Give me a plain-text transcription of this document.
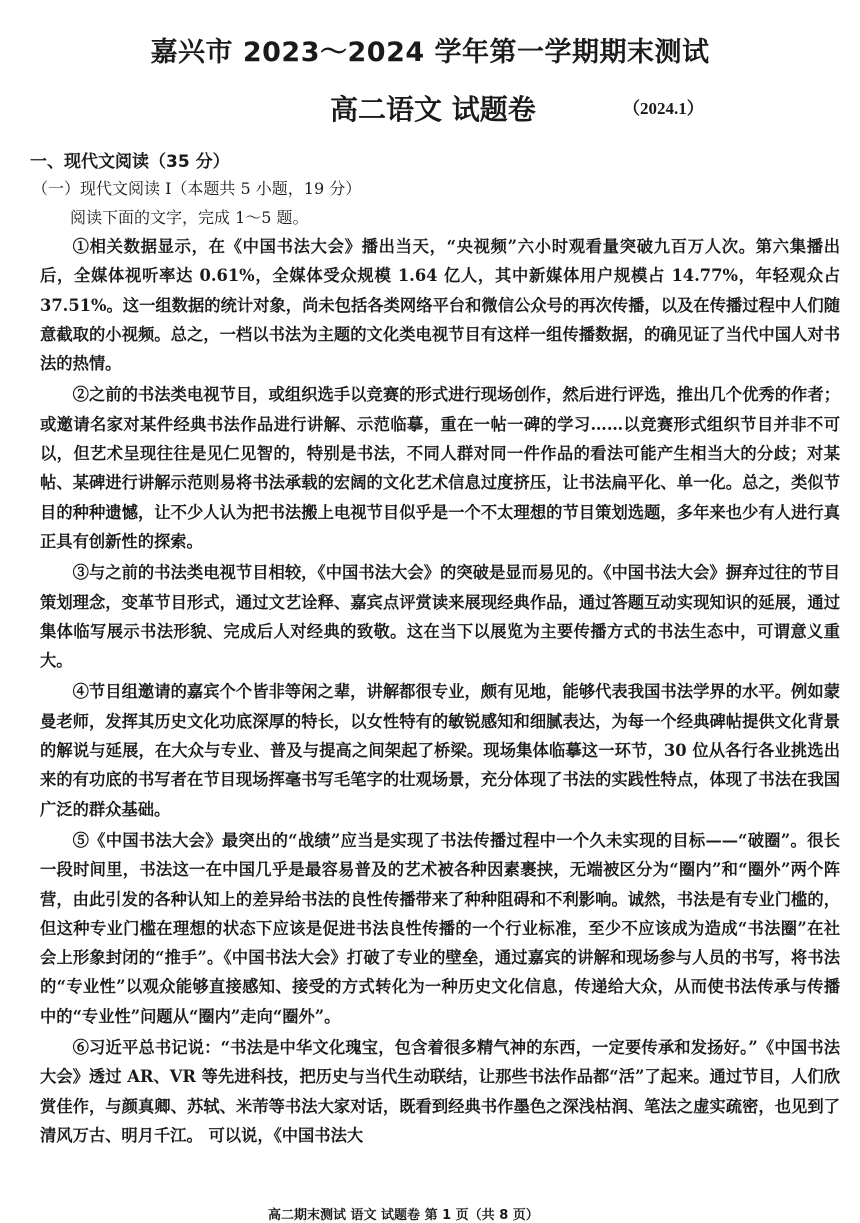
嘉兴市 2023～2024 学年第一学期期末测试
高二语文 试题卷	（2024.1）
一、现代文阅读（35 分）
（一）现代文阅读 I（本题共 5 小题，19 分）
阅读下面的文字，完成 1～5 题。

①相关数据显示，在《中国书法大会》播出当天，“央视频”六小时观看量突破九百万人次。第六集播出后，全媒体视听率达 0.61%，全媒体受众规模 1.64 亿人，其中新媒体用户规模占 14.77%，年轻观众占 37.51%。这一组数据的统计对象，尚未包括各类网络平台和微信公众号的再次传播，以及在传播过程中人们随意截取的小视频。总之，一档以书法为主题的文化类电视节目有这样一组传播数据，的确见证了当代中国人对书法的热情。

②之前的书法类电视节目，或组织选手以竞赛的形式进行现场创作，然后进行评选，推出几个优秀的作者；或邀请名家对某件经典书法作品进行讲解、示范临摹，重在一帖一碑的学习……以竞赛形式组织节目并非不可以，但艺术呈现往往是见仁见智的，特别是书法，不同人群对同一件作品的看法可能产生相当大的分歧；对某帖、某碑进行讲解示范则易将书法承载的宏阔的文化艺术信息过度挤压，让书法扁平化、单一化。总之，类似节目的种种遗憾，让不少人认为把书法搬上电视节目似乎是一个不太理想的节目策划选题，多年来也少有人进行真正具有创新性的探索。

③与之前的书法类电视节目相较，《中国书法大会》的突破是显而易见的。《中国书法大会》摒弃过往的节目策划理念，变革节目形式，通过文艺诠释、嘉宾点评赏读来展现经典作品，通过答题互动实现知识的延展，通过集体临写展示书法形貌、完成后人对经典的致敬。这在当下以展览为主要传播方式的书法生态中，可谓意义重大。

④节目组邀请的嘉宾个个皆非等闲之辈，讲解都很专业，颇有见地，能够代表我国书法学界的水平。例如蒙曼老师，发挥其历史文化功底深厚的特长，以女性特有的敏锐感知和细腻表达，为每一个经典碑帖提供文化背景的解说与延展，在大众与专业、普及与提高之间架起了桥梁。现场集体临摹这一环节，30 位从各行各业挑选出来的有功底的书写者在节目现场挥毫书写毛笔字的壮观场景，充分体现了书法的实践性特点，体现了书法在我国广泛的群众基础。

⑤《中国书法大会》最突出的“战绩”应当是实现了书法传播过程中一个久未实现的目标——“破圈”。很长一段时间里，书法这一在中国几乎是最容易普及的艺术被各种因素裹挟，无端被区分为“圈内”和“圈外”两个阵营，由此引发的各种认知上的差异给书法的良性传播带来了种种阻碍和不利影响。诚然，书法是有专业门槛的，但这种专业门槛在理想的状态下应该是促进书法良性传播的一个行业标准，至少不应该成为造成“书法圈”在社会上形象封闭的“推手”。《中国书法大会》打破了专业的壁垒，通过嘉宾的讲解和现场参与人员的书写，将书法的“专业性”以观众能够直接感知、接受的方式转化为一种历史文化信息，传递给大众，从而使书法传承与传播中的“专业性”问题从“圈内”走向“圈外”。

⑥习近平总书记说：“书法是中华文化瑰宝，包含着很多精气神的东西，一定要传承和发扬好。”《中国书法大会》透过 AR、VR 等先进科技，把历史与当代生动联结，让那些书法作品都“活”了起来。通过节目，人们欣赏佳作，与颜真卿、苏轼、米芾等书法大家对话，既看到经典书作墨色之深浅枯润、笔法之虚实疏密，也见到了清风万古、明月千江。 可以说，《中国书法大

高二期末测试 语文 试题卷 第 1 页（共 8 页）
